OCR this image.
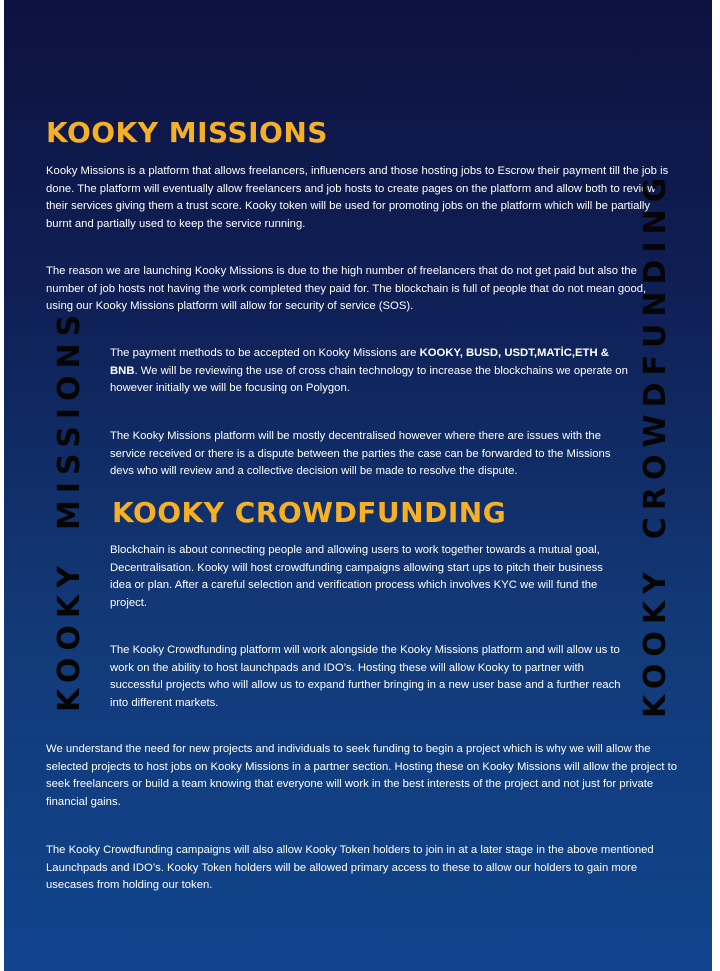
KOOKY MISSIONS

Kooky Missions is a platform that allows freelancers, influencers and those hosting jobs to Escrow their payment till the job is done. The platform will eventually allow freelancers and job hosts to create pages on the platform and allow both to review their services giving them a trust score. Kooky token will be used for promoting jobs on the platform which will be partially burnt and partially used to keep the service running.

The reason we are launching Kooky Missions is due to the high number of freelancers that do not get paid but also the number of job hosts not having the work completed they paid for. The blockchain is full of people that do not mean good, using our Kooky Missions platform will allow for security of service (SOS).

The payment methods to be accepted on Kooky Missions are KOOKY, BUSD, USDT,MATİC,ETH & BNB. We will be reviewing the use of cross chain technology to increase the blockchains we operate on however initially we will be focusing on Polygon.

The Kooky Missions platform will be mostly decentralised however where there are issues with the service received or there is a dispute between the parties the case can be forwarded to the Missions devs who will review and a collective decision will be made to resolve the dispute.

KOOKY CROWDFUNDING

Blockchain is about connecting people and allowing users to work together towards a mutual goal, Decentralisation. Kooky will host crowdfunding campaigns allowing start ups to pitch their business idea or plan. After a careful selection and verification process which involves KYC we will fund the project.

The Kooky Crowdfunding platform will work alongside the Kooky Missions platform and will allow us to work on the ability to host launchpads and IDO’s. Hosting these will allow Kooky to partner with successful projects who will allow us to expand further bringing in a new user base and a further reach into different markets.

We understand the need for new projects and individuals to seek funding to begin a project which is why we will allow the selected projects to host jobs on Kooky Missions in a partner section. Hosting these on Kooky Missions will allow the project to seek freelancers or build a team knowing that everyone will work in the best interests of the project and not just for private financial gains.

The Kooky Crowdfunding campaigns will also allow Kooky Token holders to join in at a later stage in the above mentioned Launchpads and IDO’s. Kooky Token holders will be allowed primary access to these to allow our holders to gain more usecases from holding our token.

MISSIONS
KOOKY	KOOKYCROWDFUNDING
